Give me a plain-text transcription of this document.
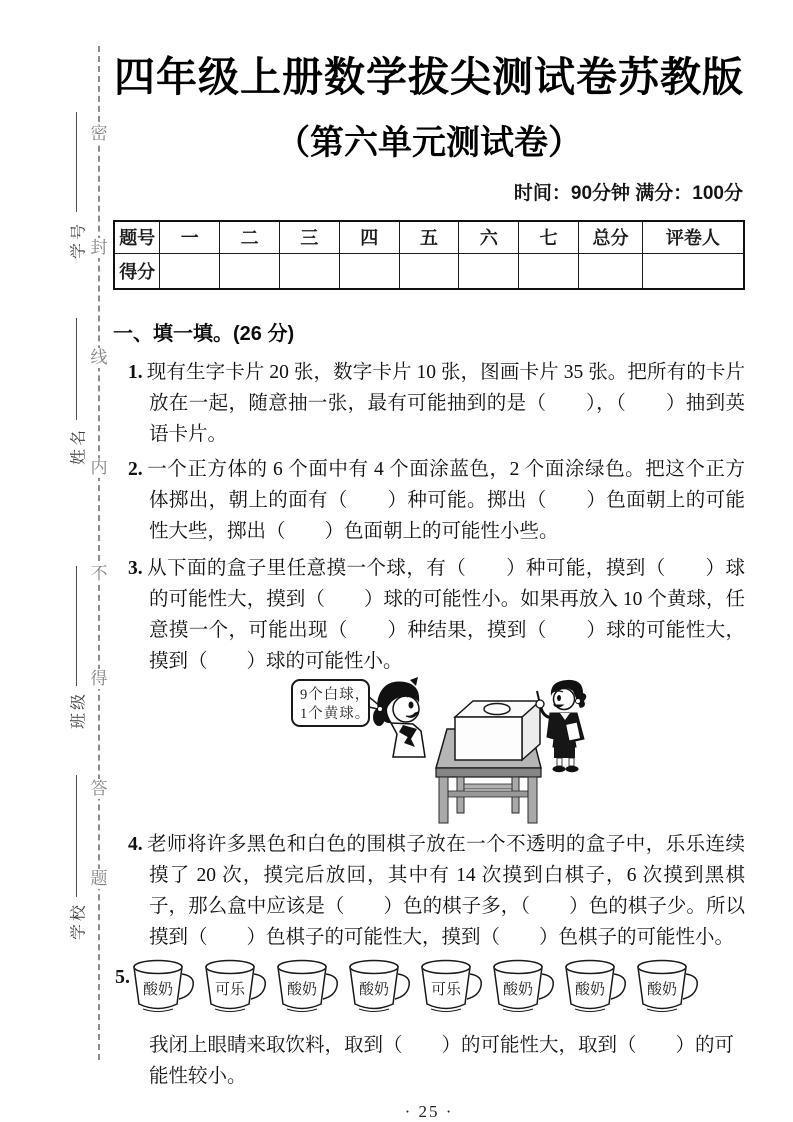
密
封
线
内
不
得
答
题
学号
姓名
班级
学校
四年级上册数学拔尖测试卷苏教版
（第六单元测试卷）
时间：90分钟 满分：100分
题号	一	二	三	四	五	六	七	总分	评卷人
得分									
一、填一填。(26 分)
1. 现有生字卡片 20 张，数字卡片 10 张，图画卡片 35 张。把所有的卡片放在一起，随意抽一张，最有可能抽到的是（　　），（　　）抽到英语卡片。
2. 一个正方体的 6 个面中有 4 个面涂蓝色，2 个面涂绿色。把这个正方体掷出，朝上的面有（　　）种可能。掷出（　　）色面朝上的可能性大些，掷出（　　）色面朝上的可能性小些。
3. 从下面的盒子里任意摸一个球，有（　　）种可能，摸到（　　）球的可能性大，摸到（　　）球的可能性小。如果再放入 10 个黄球，任意摸一个，可能出现（　　）种结果，摸到（　　）球的可能性大，摸到（　　）球的可能性小。
9个白球，
1个黄球。
4. 老师将许多黑色和白色的围棋子放在一个不透明的盒子中，乐乐连续摸了 20 次，摸完后放回，其中有 14 次摸到白棋子，6 次摸到黑棋子，那么盒中应该是（　　）色的棋子多，（　　）色的棋子少。所以摸到（　　）色棋子的可能性大，摸到（　　）色棋子的可能性小。
5.
酸奶	可乐	酸奶	酸奶	可乐	酸奶	酸奶	酸奶
我闭上眼睛来取饮料，取到（　　）的可能性大，取到（　　）的可能性较小。
· 25 ·
